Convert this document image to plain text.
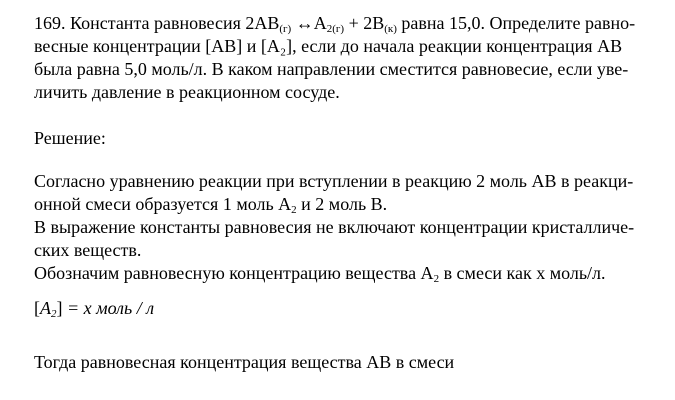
169. Константа равновесия 2AB(г) ↔A2(г) + 2B(к) равна 15,0. Определите равно-
весные концентрации [AB] и [A₂], если до начала реакции концентрация AB
была равна 5,0 моль/л. В каком направлении сместится равновесие, если уве-
личить давление в реакционном сосуде.
Решение:
Согласно уравнению реакции при вступлении в реакцию 2 моль AB в реакци-
онной смеси образуется 1 моль A2 и 2 моль B.
В выражение константы равновесия не включают концентрации кристалличе-
ских веществ.
Обозначим равновесную концентрацию вещества A2 в смеси как x моль/л.
[A2] = x моль / л
Тогда равновесная концентрация вещества AB в смеси
